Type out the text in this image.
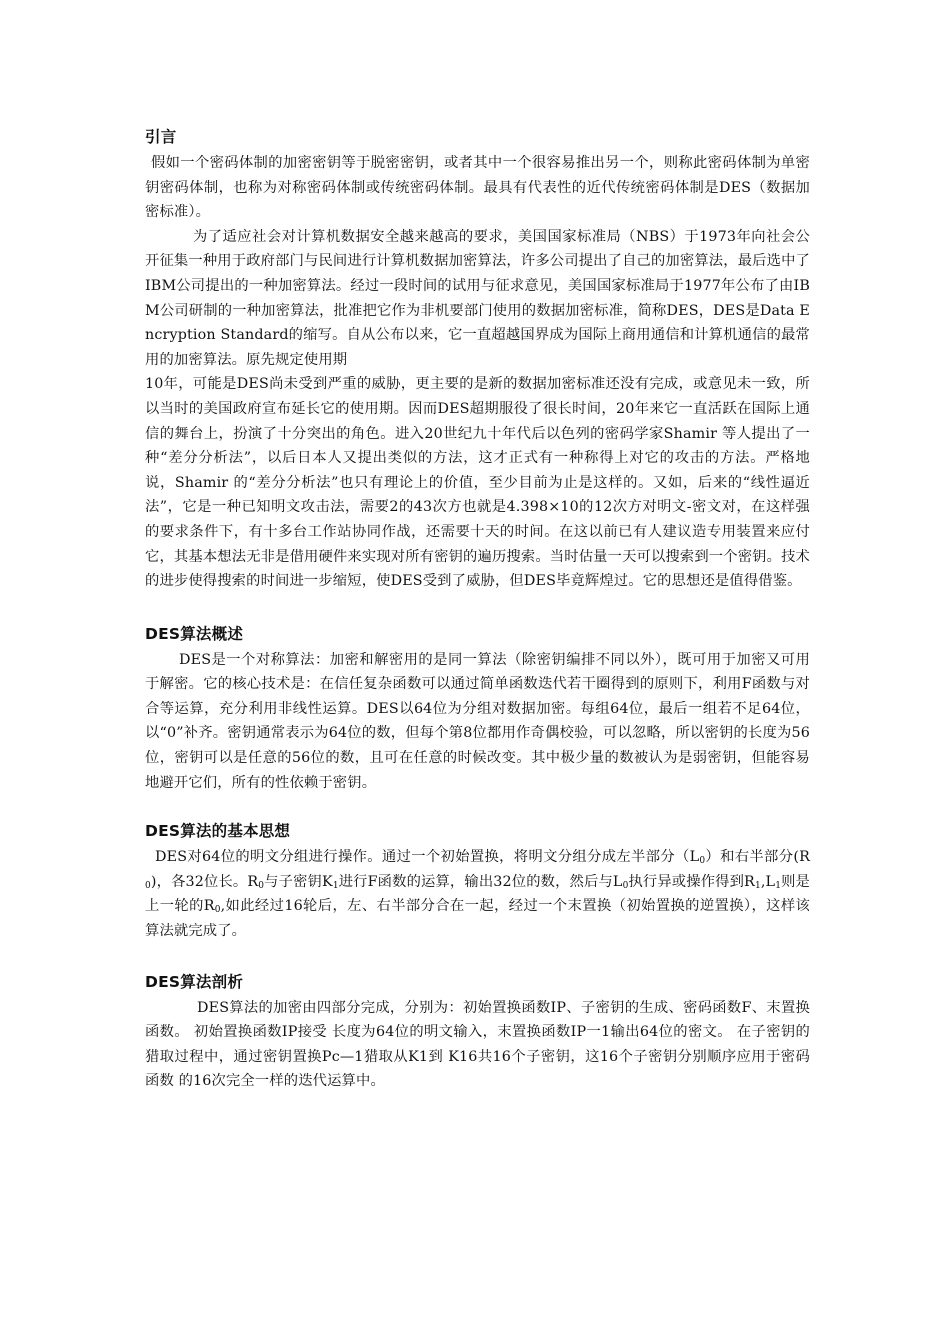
引言

假如一个密码体制的加密密钥等于脱密密钥，或者其中一个很容易推出另一个，则称此密码体制为单密钥密码体制，也称为对称密码体制或传统密码体制。最具有代表性的近代传统密码体制是DES（数据加密标准）。

为了适应社会对计算机数据安全越来越高的要求，美国国家标准局（NBS）于1973年向社会公开征集一种用于政府部门与民间进行计算机数据加密算法，许多公司提出了自己的加密算法，最后选中了IBM公司提出的一种加密算法。经过一段时间的试用与征求意见，美国国家标准局于1977年公布了由IBM公司研制的一种加密算法，批准把它作为非机要部门使用的数据加密标准，简称DES，DES是Data Encryption Standard的缩写。自从公布以来，它一直超越国界成为国际上商用通信和计算机通信的最常用的加密算法。原先规定使用期

10年，可能是DES尚未受到严重的威胁，更主要的是新的数据加密标准还没有完成，或意见未一致，所以当时的美国政府宣布延长它的使用期。因而DES超期服役了很长时间，20年来它一直活跃在国际上通信的舞台上，扮演了十分突出的角色。进入20世纪九十年代后以色列的密码学家Shamir 等人提出了一种“差分分析法”，以后日本人又提出类似的方法，这才正式有一种称得上对它的攻击的方法。严格地说，Shamir 的“差分分析法”也只有理论上的价值，至少目前为止是这样的。又如，后来的“线性逼近法”，它是一种已知明文攻击法，需要2的43次方也就是4.398×10的12次方对明文-密文对，在这样强的要求条件下，有十多台工作站协同作战，还需要十天的时间。在这以前已有人建议造专用装置来应付它，其基本想法无非是借用硬件来实现对所有密钥的遍历搜索。当时估量一天可以搜索到一个密钥。技术的进步使得搜索的时间进一步缩短，使DES受到了威胁，但DES毕竟辉煌过。它的思想还是值得借鉴。

DES算法概述

DES是一个对称算法：加密和解密用的是同一算法（除密钥编排不同以外），既可用于加密又可用于解密。它的核心技术是：在信任复杂函数可以通过简单函数迭代若干圈得到的原则下，利用F函数与对合等运算，充分利用非线性运算。DES以64位为分组对数据加密。每组64位，最后一组若不足64位，以“0”补齐。密钥通常表示为64位的数，但每个第8位都用作奇偶校验，可以忽略，所以密钥的长度为56位，密钥可以是任意的56位的数，且可在任意的时候改变。其中极少量的数被认为是弱密钥，但能容易地避开它们，所有的性依赖于密钥。

DES算法的基本思想

DES对64位的明文分组进行操作。通过一个初始置换，将明文分组分成左半部分$(L_0)$和右半部分$(R_0)$，各32位长。$R_0$与子密钥$K_1$进行F函数的运算，输出32位的数，然后与$L_0$执行异或操作得到$R_1,L_1$则是上一轮的$R_0$,如此经过16轮后，左、右半部分合在一起，经过一个末置换（初始置换的逆置换），这样该算法就完成了。

DES算法剖析

DES算法的加密由四部分完成，分别为：初始置换函数IP、子密钥的生成、密码函数F、末置换函数。 初始置换函数IP接受 长度为64位的明文输入，末置换函数IP一1输出64位的密文。 在子密钥的猎取过程中，通过密钥置换Pc—1猎取从K1到 K16共16个子密钥，这16个子密钥分别顺序应用于密码函数 的16次完全一样的迭代运算中。
